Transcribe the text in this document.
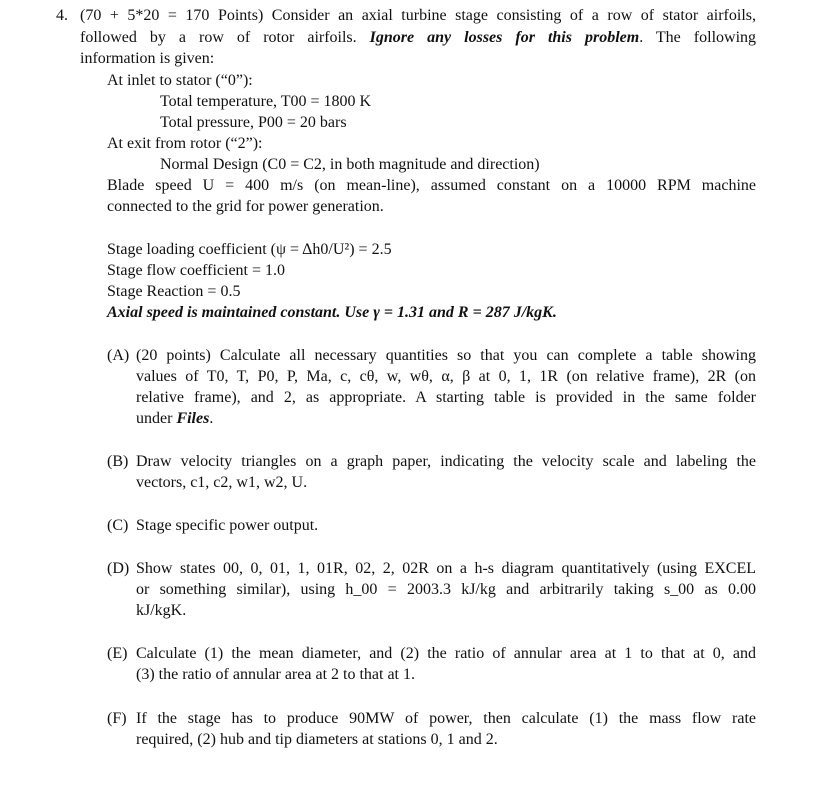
4. (70 + 5*20 = 170 Points) Consider an axial turbine stage consisting of a row of stator airfoils,
followed by a row of rotor airfoils. Ignore any losses for this problem. The following
information is given:
At inlet to stator (“0”):
Total temperature, T00 = 1800 K
Total pressure, P00 = 20 bars
At exit from rotor (“2”):
Normal Design (C0 = C2, in both magnitude and direction)
Blade speed U = 400 m/s (on mean-line), assumed constant on a 10000 RPM machine
connected to the grid for power generation.
Stage loading coefficient (ψ = Δh0/U²) = 2.5
Stage flow coefficient = 1.0
Stage Reaction = 0.5
Axial speed is maintained constant. Use γ = 1.31 and R = 287 J/kgK.
(A) (20 points) Calculate all necessary quantities so that you can complete a table showing
values of T0, T, P0, P, Ma, c, cθ, w, wθ, α, β at 0, 1, 1R (on relative frame), 2R (on
relative frame), and 2, as appropriate. A starting table is provided in the same folder
under Files.
(B) Draw velocity triangles on a graph paper, indicating the velocity scale and labeling the
vectors, c1, c2, w1, w2, U.
(C) Stage specific power output.
(D) Show states 00, 0, 01, 1, 01R, 02, 2, 02R on a h-s diagram quantitatively (using EXCEL
or something similar), using h_00 = 2003.3 kJ/kg and arbitrarily taking s_00 as 0.00
kJ/kgK.
(E) Calculate (1) the mean diameter, and (2) the ratio of annular area at 1 to that at 0, and
(3) the ratio of annular area at 2 to that at 1.
(F) If the stage has to produce 90MW of power, then calculate (1) the mass flow rate
required, (2) hub and tip diameters at stations 0, 1 and 2.
